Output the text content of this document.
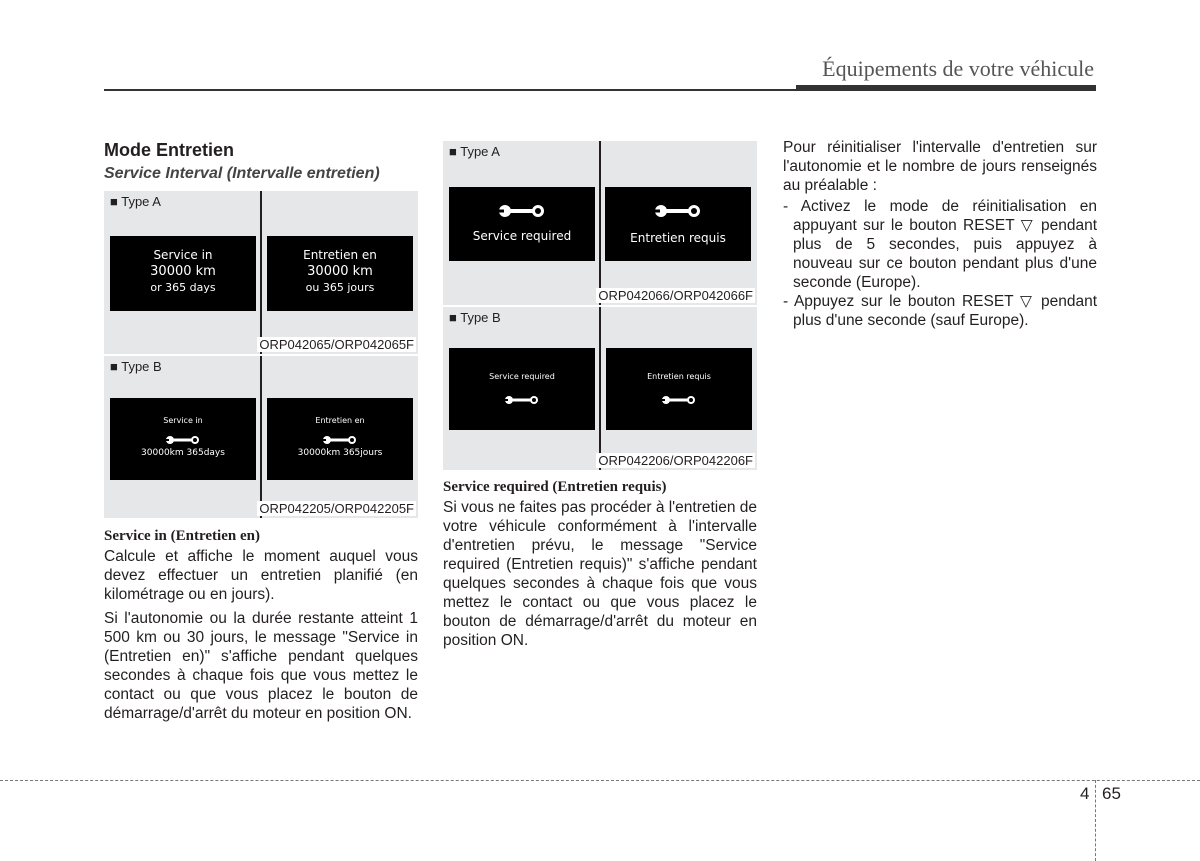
Équipements de votre véhicule
Mode Entretien
Service Interval (Intervalle entretien)
■ Type A
Service in
30000 km
or 365 days
Entretien en
30000 km
ou 365 jours
ORP042065/ORP042065F
■ Type B
Service in
30000km 365days
Entretien en
30000km 365jours
ORP042205/ORP042205F
Service in (Entretien en)
Calcule et affiche le moment auquel vous devez effectuer un entretien planifié (en kilométrage ou en jours).
Si l'autonomie ou la durée restante atteint 1 500 km ou 30 jours, le message "Service in (Entretien en)" s'affiche pendant quelques secondes à chaque fois que vous mettez le contact ou que vous placez le bouton de démarrage/d'arrêt du moteur en position ON.
■ Type A
Service required	Entretien requis
ORP042066/ORP042066F
■ Type B
Service required	Entretien requis
ORP042206/ORP042206F
Service required (Entretien requis)
Si vous ne faites pas procéder à l'entretien de votre véhicule conformément à l'intervalle d'entretien prévu, le message "Service required (Entretien requis)" s'affiche pendant quelques secondes à chaque fois que vous mettez le contact ou que vous placez le bouton de démarrage/d'arrêt du moteur en position ON.
Pour réinitialiser l'intervalle d'entretien sur l'autonomie et le nombre de jours renseignés au préalable :
- Activez le mode de réinitialisation en appuyant sur le bouton RESET ▽ pendant plus de 5 secondes, puis appuyez à nouveau sur ce bouton pendant plus d'une seconde (Europe).
- Appuyez sur le bouton RESET ▽ pendant plus d'une seconde (sauf Europe).
4 65
